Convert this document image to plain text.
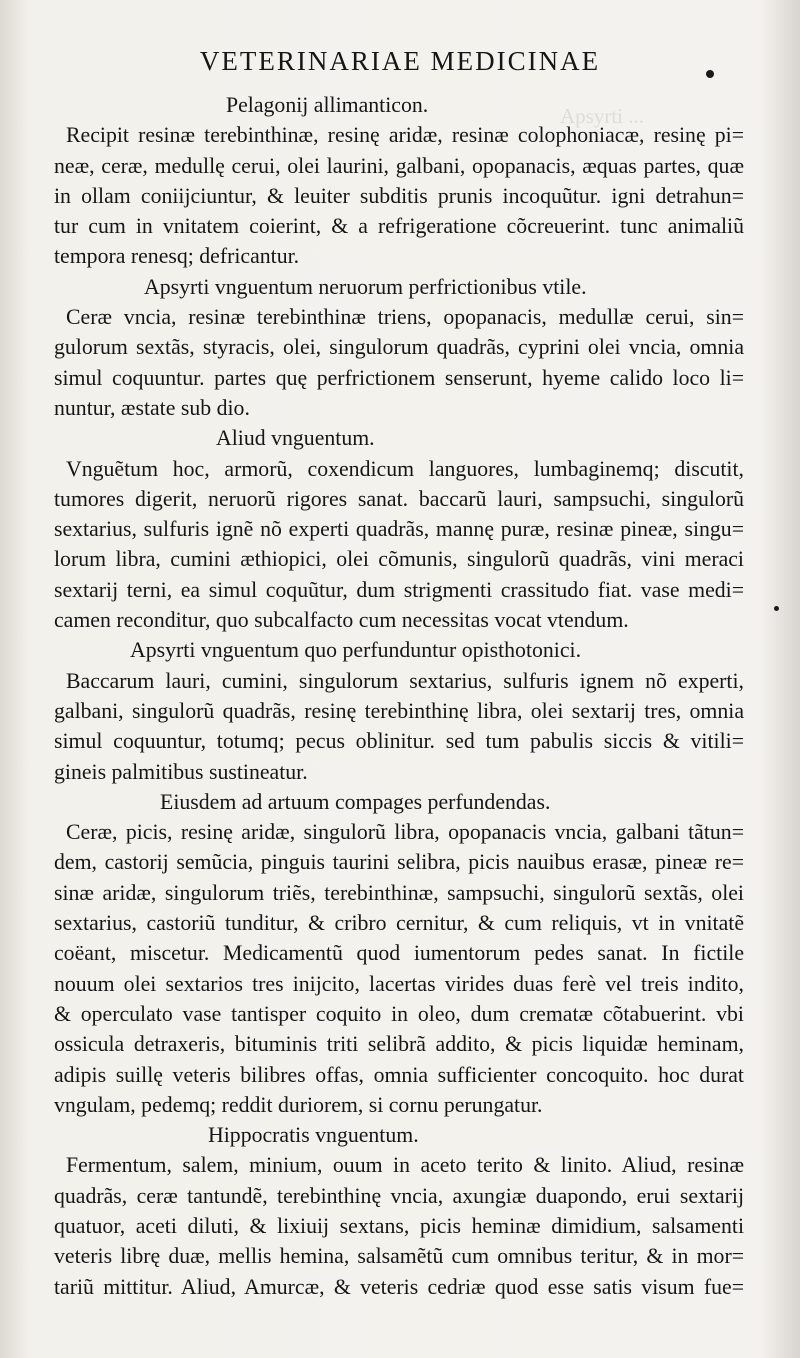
Apsyrti ...
VETERINARIAE MEDICINAE
Pelagonij allimanticon.
Recipit resinæ terebinthinæ, resinę aridæ, resinæ colophoniacæ, resinę pi=
neæ, ceræ, medullę cerui, olei laurini, galbani, opopanacis, æquas partes, quæ
in ollam coniijciuntur, & leuiter subditis prunis incoquũtur. igni detrahun=
tur cum in vnitatem coierint, & a refrigeratione cõcreuerint. tunc animaliũ
tempora renesq; defricantur.
Apsyrti vnguentum neruorum perfrictionibus vtile.
Ceræ vncia, resinæ terebinthinæ triens, opopanacis, medullæ cerui, sin=
gulorum sextãs, styracis, olei, singulorum quadrãs, cyprini olei vncia, omnia
simul coquuntur. partes quę perfrictionem senserunt, hyeme calido loco li=
nuntur, æstate sub dio.
Aliud vnguentum.
Vnguẽtum hoc, armorũ, coxendicum languores, lumbaginemq; discutit,
tumores digerit, neruorũ rigores sanat. baccarũ lauri, sampsuchi, singulorũ
sextarius, sulfuris ignẽ nõ experti quadrãs, mannę puræ, resinæ pineæ, singu=
lorum libra, cumini æthiopici, olei cõmunis, singulorũ quadrãs, vini meraci
sextarij terni, ea simul coquũtur, dum strigmenti crassitudo fiat. vase medi=
camen reconditur, quo subcalfacto cum necessitas vocat vtendum.
Apsyrti vnguentum quo perfunduntur opisthotonici.
Baccarum lauri, cumini, singulorum sextarius, sulfuris ignem nõ experti,
galbani, singulorũ quadrãs, resinę terebinthinę libra, olei sextarij tres, omnia
simul coquuntur, totumq; pecus oblinitur. sed tum pabulis siccis & vitili=
gineis palmitibus sustineatur.
Eiusdem ad artuum compages perfundendas.
Ceræ, picis, resinę aridæ, singulorũ libra, opopanacis vncia, galbani tãtun=
dem, castorij semũcia, pinguis taurini selibra, picis nauibus erasæ, pineæ re=
sinæ aridæ, singulorum triẽs, terebinthinæ, sampsuchi, singulorũ sextãs, olei
sextarius, castoriũ tunditur, & cribro cernitur, & cum reliquis, vt in vnitatẽ
coëant, miscetur. Medicamentũ quod iumentorum pedes sanat. In fictile
nouum olei sextarios tres inijcito, lacertas virides duas ferè vel treis indito,
& operculato vase tantisper coquito in oleo, dum crematæ cõtabuerint. vbi
ossicula detraxeris, bituminis triti selibrã addito, & picis liquidæ heminam,
adipis suillę veteris bilibres offas, omnia sufficienter concoquito. hoc durat
vngulam, pedemq; reddit duriorem, si cornu perungatur.
Hippocratis vnguentum.
Fermentum, salem, minium, ouum in aceto terito & linito. Aliud, resinæ
quadrãs, ceræ tantundẽ, terebinthinę vncia, axungiæ duapondo, erui sextarij
quatuor, aceti diluti, & lixiuij sextans, picis heminæ dimidium, salsamenti
veteris librę duæ, mellis hemina, salsamẽtũ cum omnibus teritur, & in mor=
tariũ mittitur. Aliud, Amurcæ, & veteris cedriæ quod esse satis visum fue=
